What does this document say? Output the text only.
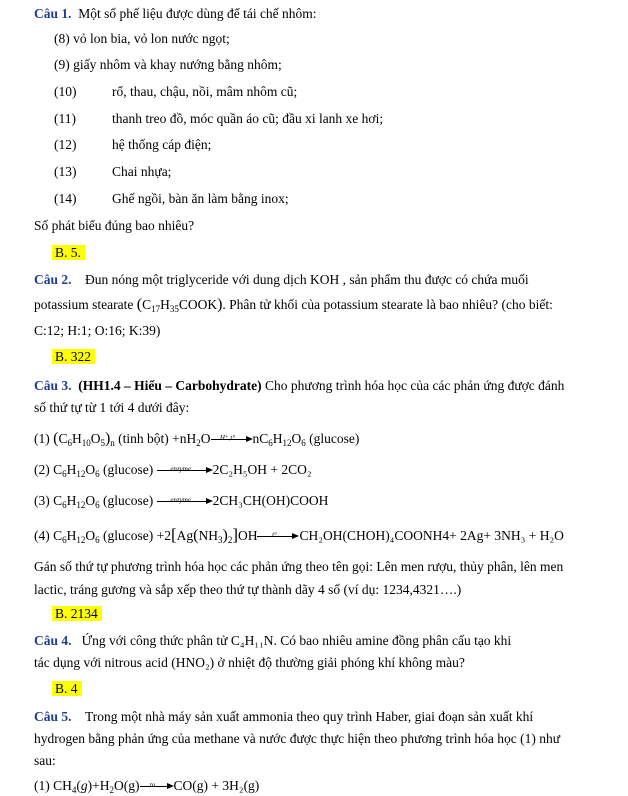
Câu 1. Một số phế liệu được dùng để tái chế nhôm:
(8) vỏ lon bia, vỏ lon nước ngọt;
(9) giấy nhôm và khay nướng bằng nhôm;
(10)	rổ, thau, chậu, nồi, mâm nhôm cũ;
(11)	thanh treo đồ, móc quần áo cũ; đầu xi lanh xe hơi;
(12)	hệ thống cáp điện;
(13)	Chai nhựa;
(14)	Ghế ngồi, bàn ăn làm bằng inox;
Số phát biểu đúng bao nhiêu?
B. 5.
Câu 2. Đun nóng một triglyceride với dung dịch KOH , sản phẩm thu được có chứa muối
potassium stearate $(C_{17}H_{35}COOK)$. Phân tử khối của potassium stearate là bao nhiêu? (cho biết:
C:12; H:1; O:16; K:39)
B. 322
Câu 3. (HH1.4 – Hiểu – Carbohydrate) Cho phương trình hóa học của các phản ứng được đánh
số thứ tự từ 1 tới 4 dưới đây:
(1) $(C_6H_{10}O_5)_n$ (tinh bột) $+nH_2O$	H⁺,t°	$nC_6H_{12}O_6$ (glucose)
(2) $C_6H_{12}O_6$ (glucose)	enzyme	2C₂H₅OH + 2CO₂
(3) $C_6H_{12}O_6$ (glucose)	enzyme	2CH₃CH(OH)COOH
(4) $C_6H_{12}O_6$ $(glucose) +2[Ag(NH_3)_2]OH$	t°	CH₂OH(CHOH)₄COONH4+ 2Ag+ 3NH₃ + H₂O
Gán số thứ tự phương trình hóa học các phản ứng theo tên gọi: Lên men rượu, thủy phân, lên men
lactic, tráng gương và sắp xếp theo thứ tự thành dãy 4 số (ví dụ: 1234,4321….)
B. 2134
Câu 4. Ứng với công thức phân tử C₄H₁₁N. Có bao nhiêu amine đồng phân cấu tạo khi
tác dụng với nitrous acid (HNO₂) ở nhiệt độ thường giải phóng khí không màu?
B. 4
Câu 5. Trong một nhà máy sản xuất ammonia theo quy trình Haber, giai đoạn sản xuất khí
hydrogen bằng phản ứng của methane và nước được thực hiện theo phương trình hóa học (1) như
sau:
(1) $CH_4(g)+H_2O(g)$	to	CO(g) + 3H₂(g)
